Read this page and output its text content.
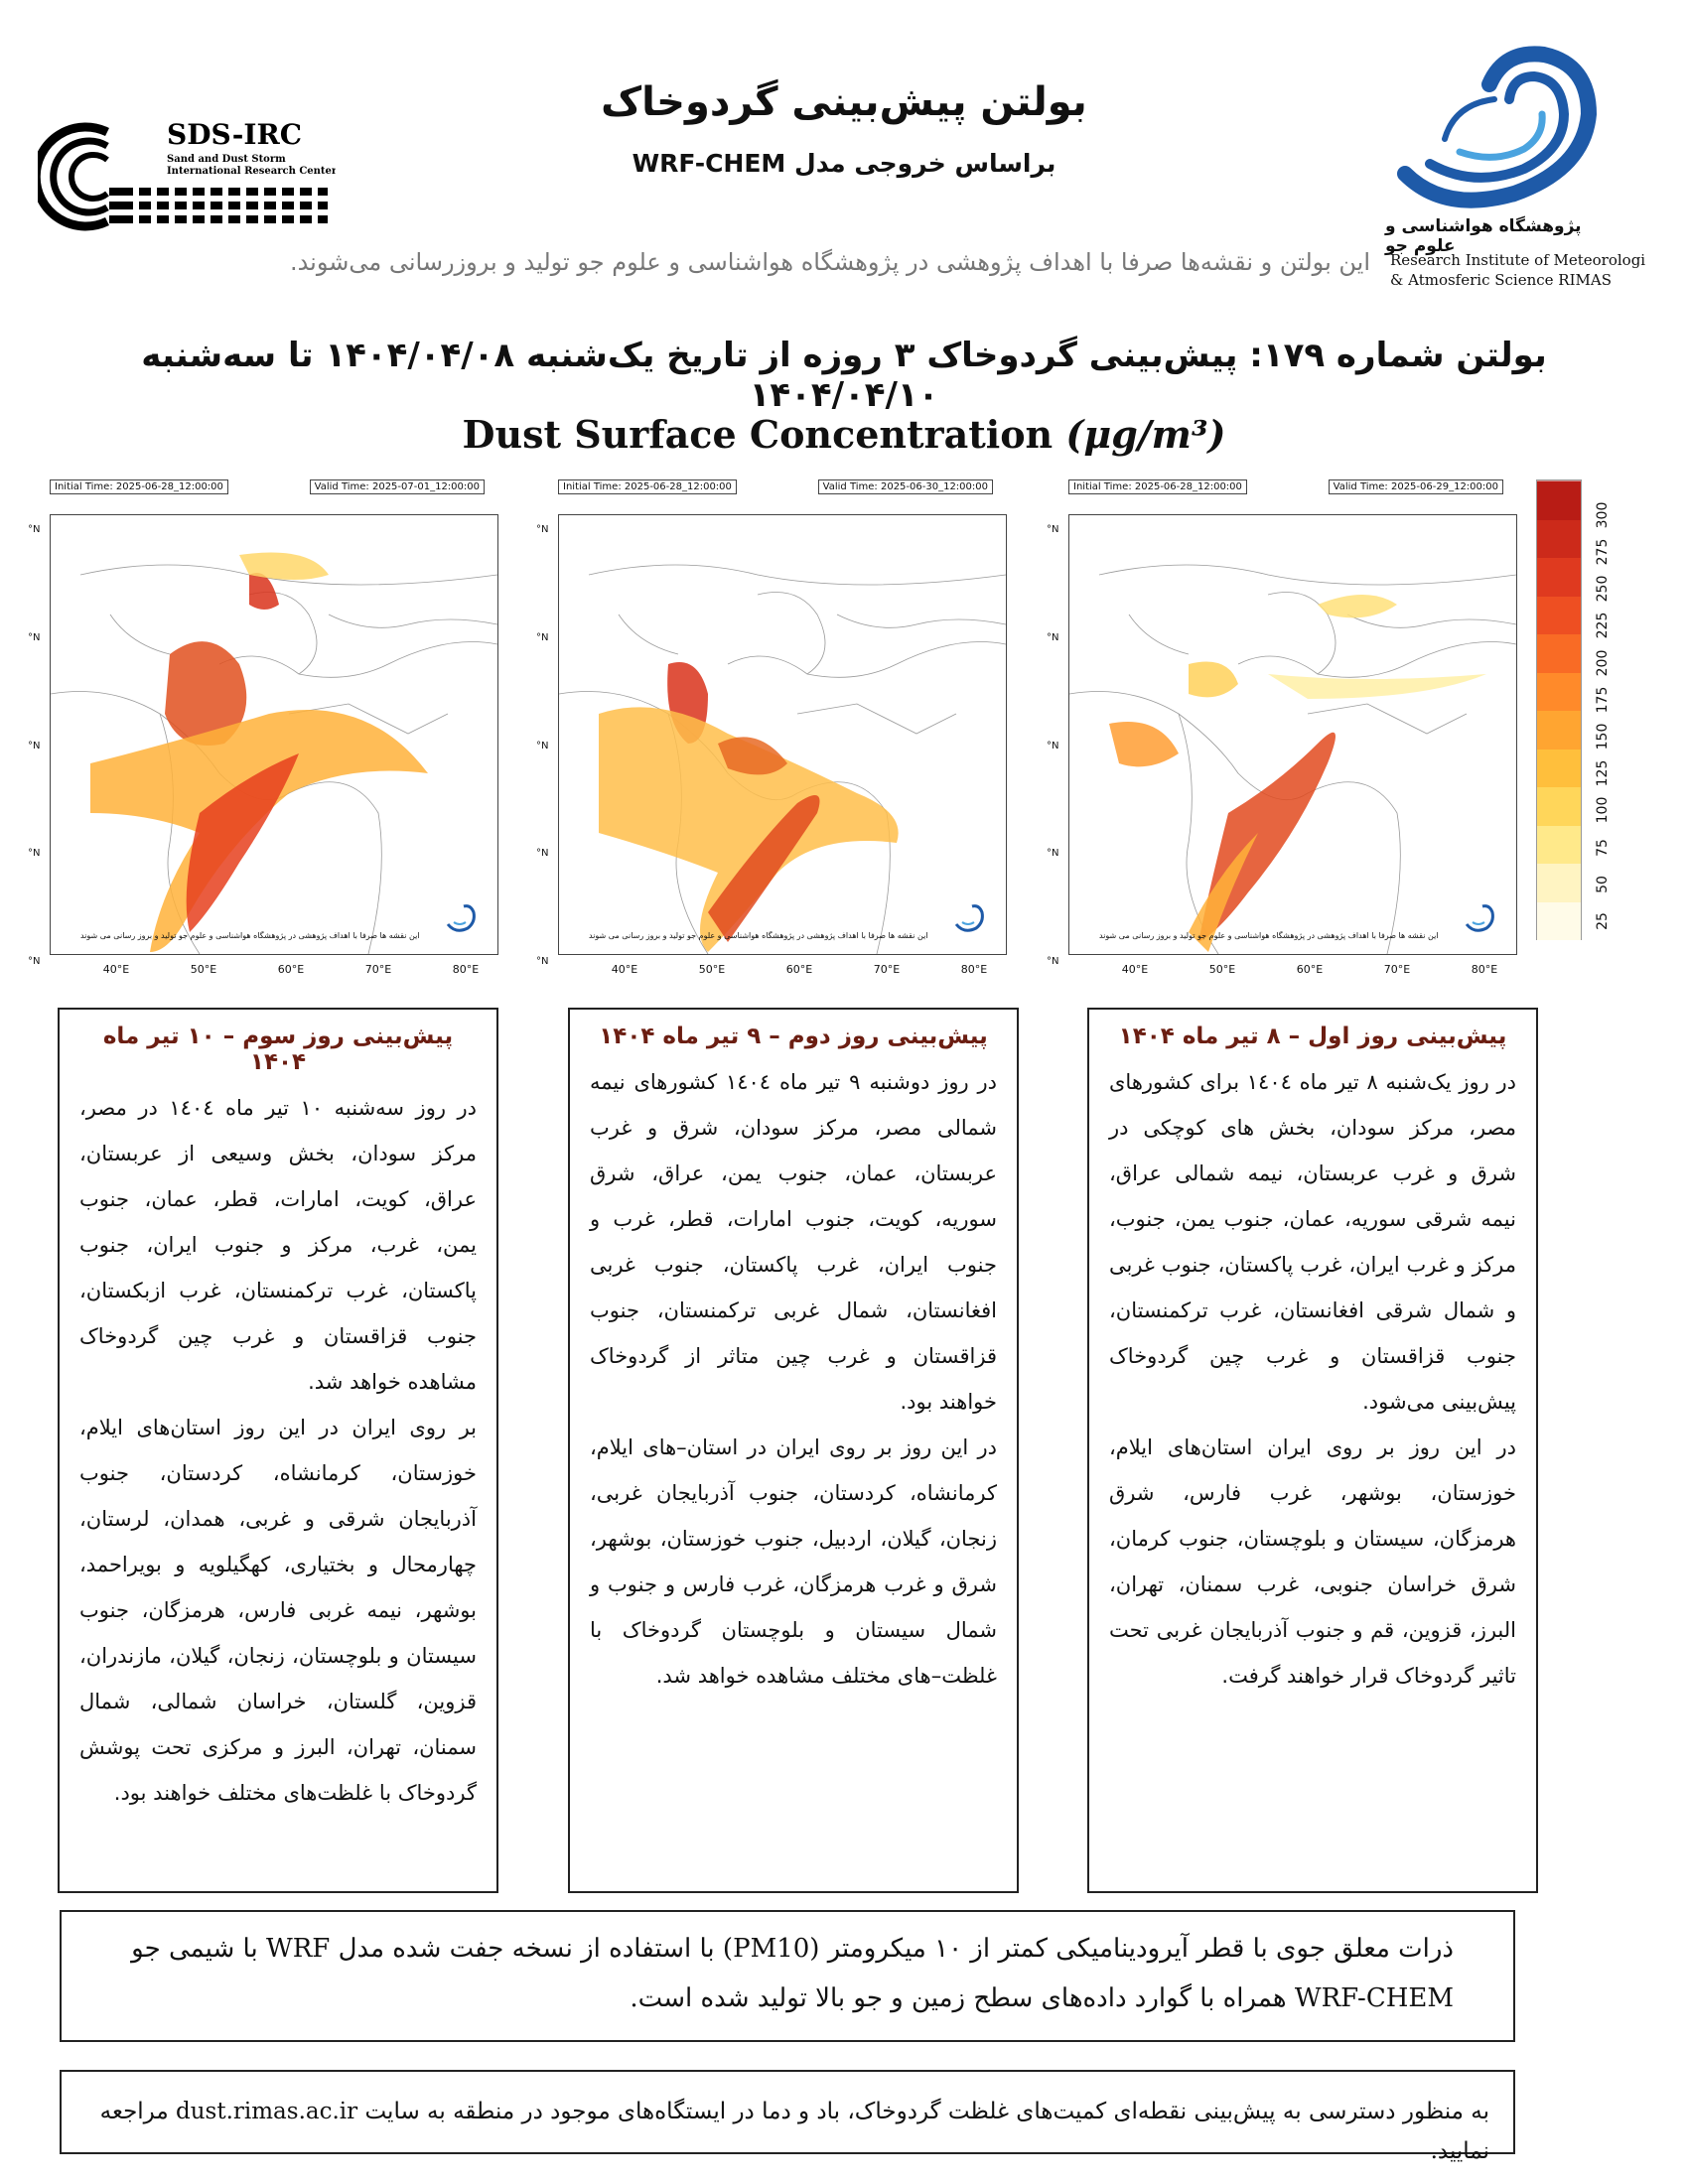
بولتن پیش‌بینی گردوخاک
براساس خروجی مدل WRF-CHEM
این بولتن و نقشه‌ها صرفا با اهداف پژوهشی در پژوهشگاه هواشناسی و علوم جو تولید و بروزرسانی می‌شوند.
SDS-IRC
Sand and Dust Storm
International Research Center
پژوهشگاه هواشناسی و علوم جو
Research Institute of Meteorologi
& Atmosferic Science RIMAS
بولتن شماره ۱۷۹: پیش‌بینی گردوخاک ۳ روزه از تاریخ یک‌شنبه ۱۴۰۴/۰۴/۰۸ تا سه‌شنبه ۱۴۰۴/۰۴/۱۰
Dust Surface Concentration (μg/m³)
Initial Time: 2025-06-28_12:00:00	Valid Time: 2025-07-01_12:00:00
این نقشه ها صرفا با اهداف پژوهشی در پژوهشگاه هواشناسی و علوم جو تولید و بروز رسانی می شوند
°N
°N
°N
°N
°N
40°E	50°E	60°E	70°E	80°E
Initial Time: 2025-06-28_12:00:00	Valid Time: 2025-06-30_12:00:00
این نقشه ها صرفا با اهداف پژوهشی در پژوهشگاه هواشناسی و علوم جو تولید و بروز رسانی می شوند
°N
°N
°N
°N
°N
40°E	50°E	60°E	70°E	80°E
Initial Time: 2025-06-28_12:00:00	Valid Time: 2025-06-29_12:00:00
این نقشه ها صرفا با اهداف پژوهشی در پژوهشگاه هواشناسی و علوم جو تولید و بروز رسانی می شوند
°N
°N
°N
°N
°N
40°E	50°E	60°E	70°E	80°E
25
50
75
100
125
150
175
200
225
250
275
300
پیش‌بینی روز سوم – ۱۰ تیر ماه ۱۴۰۴

در روز سه‌شنبه ۱۰ تیر ماه ۱٤٠٤ در مصر، مرکز سودان، بخش وسیعی از عربستان، عراق، کویت، امارات، قطر، عمان، جنوب یمن، غرب، مرکز و جنوب ایران، جنوب پاکستان، غرب ترکمنستان، غرب ازبکستان، جنوب قزاقستان و غرب چین گردوخاک مشاهده خواهد شد.

بر روی ایران در این روز استان‌های ایلام، خوزستان، کرمانشاه، کردستان، جنوب آذربایجان شرقی و غربی، همدان، لرستان، چهارمحال و بختیاری، کهگیلویه و بویراحمد، بوشهر، نیمه غربی فارس، هرمزگان، جنوب سیستان و بلوچستان، زنجان، گیلان، مازندران، قزوین، گلستان، خراسان شمالی، شمال سمنان، تهران، البرز و مرکزی تحت پوشش گردوخاک با غلظت‌های مختلف خواهند بود.

پیش‌بینی روز دوم – ۹ تیر ماه ۱۴۰۴

در روز دوشنبه ۹ تیر ماه ۱٤٠٤ کشورهای نیمه شمالی مصر، مرکز سودان، شرق و غرب عربستان، عمان، جنوب یمن، عراق، شرق سوریه، کویت، جنوب امارات، قطر، غرب و جنوب ایران، غرب پاکستان، جنوب غربی افغانستان، شمال غربی ترکمنستان، جنوب قزاقستان و غرب چین متاثر از گردوخاک خواهند بود.

در این روز بر روی ایران در استان–های ایلام، کرمانشاه، کردستان، جنوب آذربایجان غربی، زنجان، گیلان، اردبیل، جنوب خوزستان، بوشهر، شرق و غرب هرمزگان، غرب فارس و جنوب و شمال سیستان و بلوچستان گردوخاک با غلظت–های مختلف مشاهده خواهد شد.

پیش‌بینی روز اول – ۸ تیر ماه ۱۴۰۴

در روز یک‌شنبه ۸ تیر ماه ۱٤٠٤ برای کشورهای مصر، مرکز سودان، بخش های کوچکی در شرق و غرب عربستان، نیمه شمالی عراق، نیمه شرقی سوریه، عمان، جنوب یمن، جنوب، مرکز و غرب ایران، غرب پاکستان، جنوب غربی و شمال شرقی افغانستان، غرب ترکمنستان، جنوب قزاقستان و غرب چین گردوخاک پیش‌بینی می‌شود.

در این روز بر روی ایران استان‌های ایلام، خوزستان، بوشهر، غرب فارس، شرق هرمزگان، سیستان و بلوچستان، جنوب کرمان، شرق خراسان جنوبی، غرب سمنان، تهران، البرز، قزوین، قم و جنوب آذربایجان غربی تحت تاثیر گردوخاک قرار خواهند گرفت.

ذرات معلق جوی با قطر آیرودینامیکی کمتر از ۱۰ میکرومتر (PM10) با استفاده از نسخه جفت شده مدل WRF با شیمی جو WRF-CHEM همراه با گوارد داده‌های سطح زمین و جو بالا تولید شده است.
به منظور دسترسی به پیش‌بینی نقطه‌ای کمیت‌های غلظت گردوخاک، باد و دما در ایستگاه‌های موجود در منطقه به سایت dust.rimas.ac.ir مراجعه نمایید.
